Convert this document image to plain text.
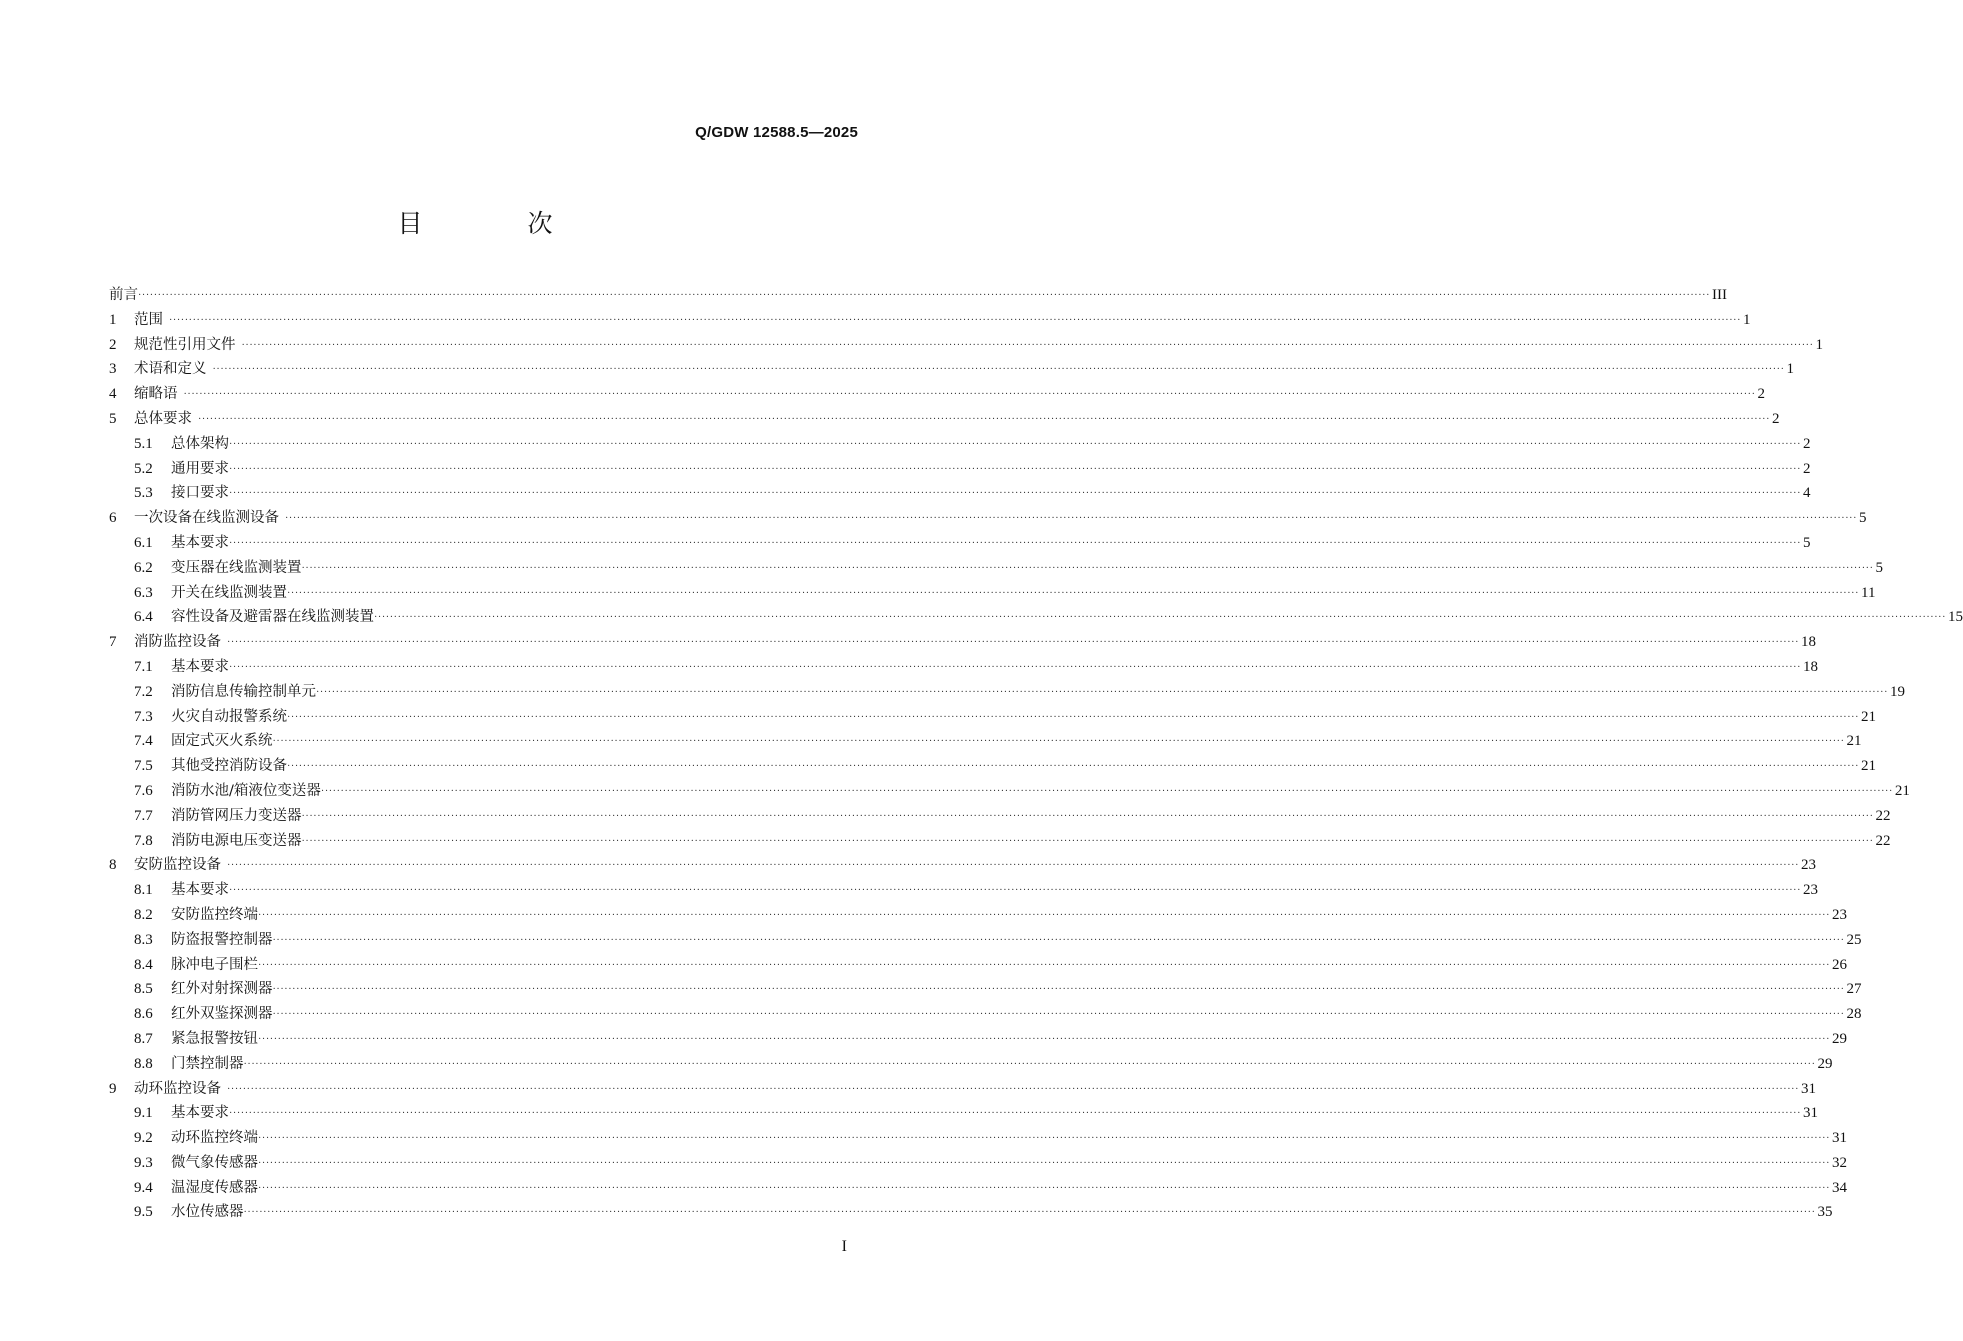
Q/GDW 12588.5—2025
目　次
前言 ················································································································································································································································································································································································································ III
1	范围 ················································································································································································································································································································································································································ 1
2	规范性引用文件 ················································································································································································································································································································································································································ 1
3	术语和定义 ················································································································································································································································································································································································································ 1
4	缩略语 ················································································································································································································································································································································································································ 2
5	总体要求 ················································································································································································································································································································································································································ 2
5.1	总体架构 ················································································································································································································································································································································································································ 2
5.2	通用要求 ················································································································································································································································································································································································································ 2
5.3	接口要求 ················································································································································································································································································································································································································ 4
6	一次设备在线监测设备 ················································································································································································································································································································································································································ 5
6.1	基本要求 ················································································································································································································································································································································································································ 5
6.2	变压器在线监测装置 ················································································································································································································································································································································································································ 5
6.3	开关在线监测装置 ················································································································································································································································································································································································································ 11
6.4	容性设备及避雷器在线监测装置 ················································································································································································································································································································································································································ 15
7	消防监控设备 ················································································································································································································································································································································································································ 18
7.1	基本要求 ················································································································································································································································································································································································································ 18
7.2	消防信息传输控制单元 ················································································································································································································································································································································································································ 19
7.3	火灾自动报警系统 ················································································································································································································································································································································································································ 21
7.4	固定式灭火系统 ················································································································································································································································································································································································································ 21
7.5	其他受控消防设备 ················································································································································································································································································································································································································ 21
7.6	消防水池/箱液位变送器 ················································································································································································································································································································································································································ 21
7.7	消防管网压力变送器 ················································································································································································································································································································································································································ 22
7.8	消防电源电压变送器 ················································································································································································································································································································································································································ 22
8	安防监控设备 ················································································································································································································································································································································································································ 23
8.1	基本要求 ················································································································································································································································································································································································································ 23
8.2	安防监控终端 ················································································································································································································································································································································································································ 23
8.3	防盗报警控制器 ················································································································································································································································································································································································································ 25
8.4	脉冲电子围栏 ················································································································································································································································································································································································································ 26
8.5	红外对射探测器 ················································································································································································································································································································································································································ 27
8.6	红外双鉴探测器 ················································································································································································································································································································································································································ 28
8.7	紧急报警按钮 ················································································································································································································································································································································································································ 29
8.8	门禁控制器 ················································································································································································································································································································································································································ 29
9	动环监控设备 ················································································································································································································································································································································································································ 31
9.1	基本要求 ················································································································································································································································································································································································································ 31
9.2	动环监控终端 ················································································································································································································································································································································································································ 31
9.3	微气象传感器 ················································································································································································································································································································································································································ 32
9.4	温湿度传感器 ················································································································································································································································································································································································································ 34
9.5	水位传感器 ················································································································································································································································································································································································································ 35
I
